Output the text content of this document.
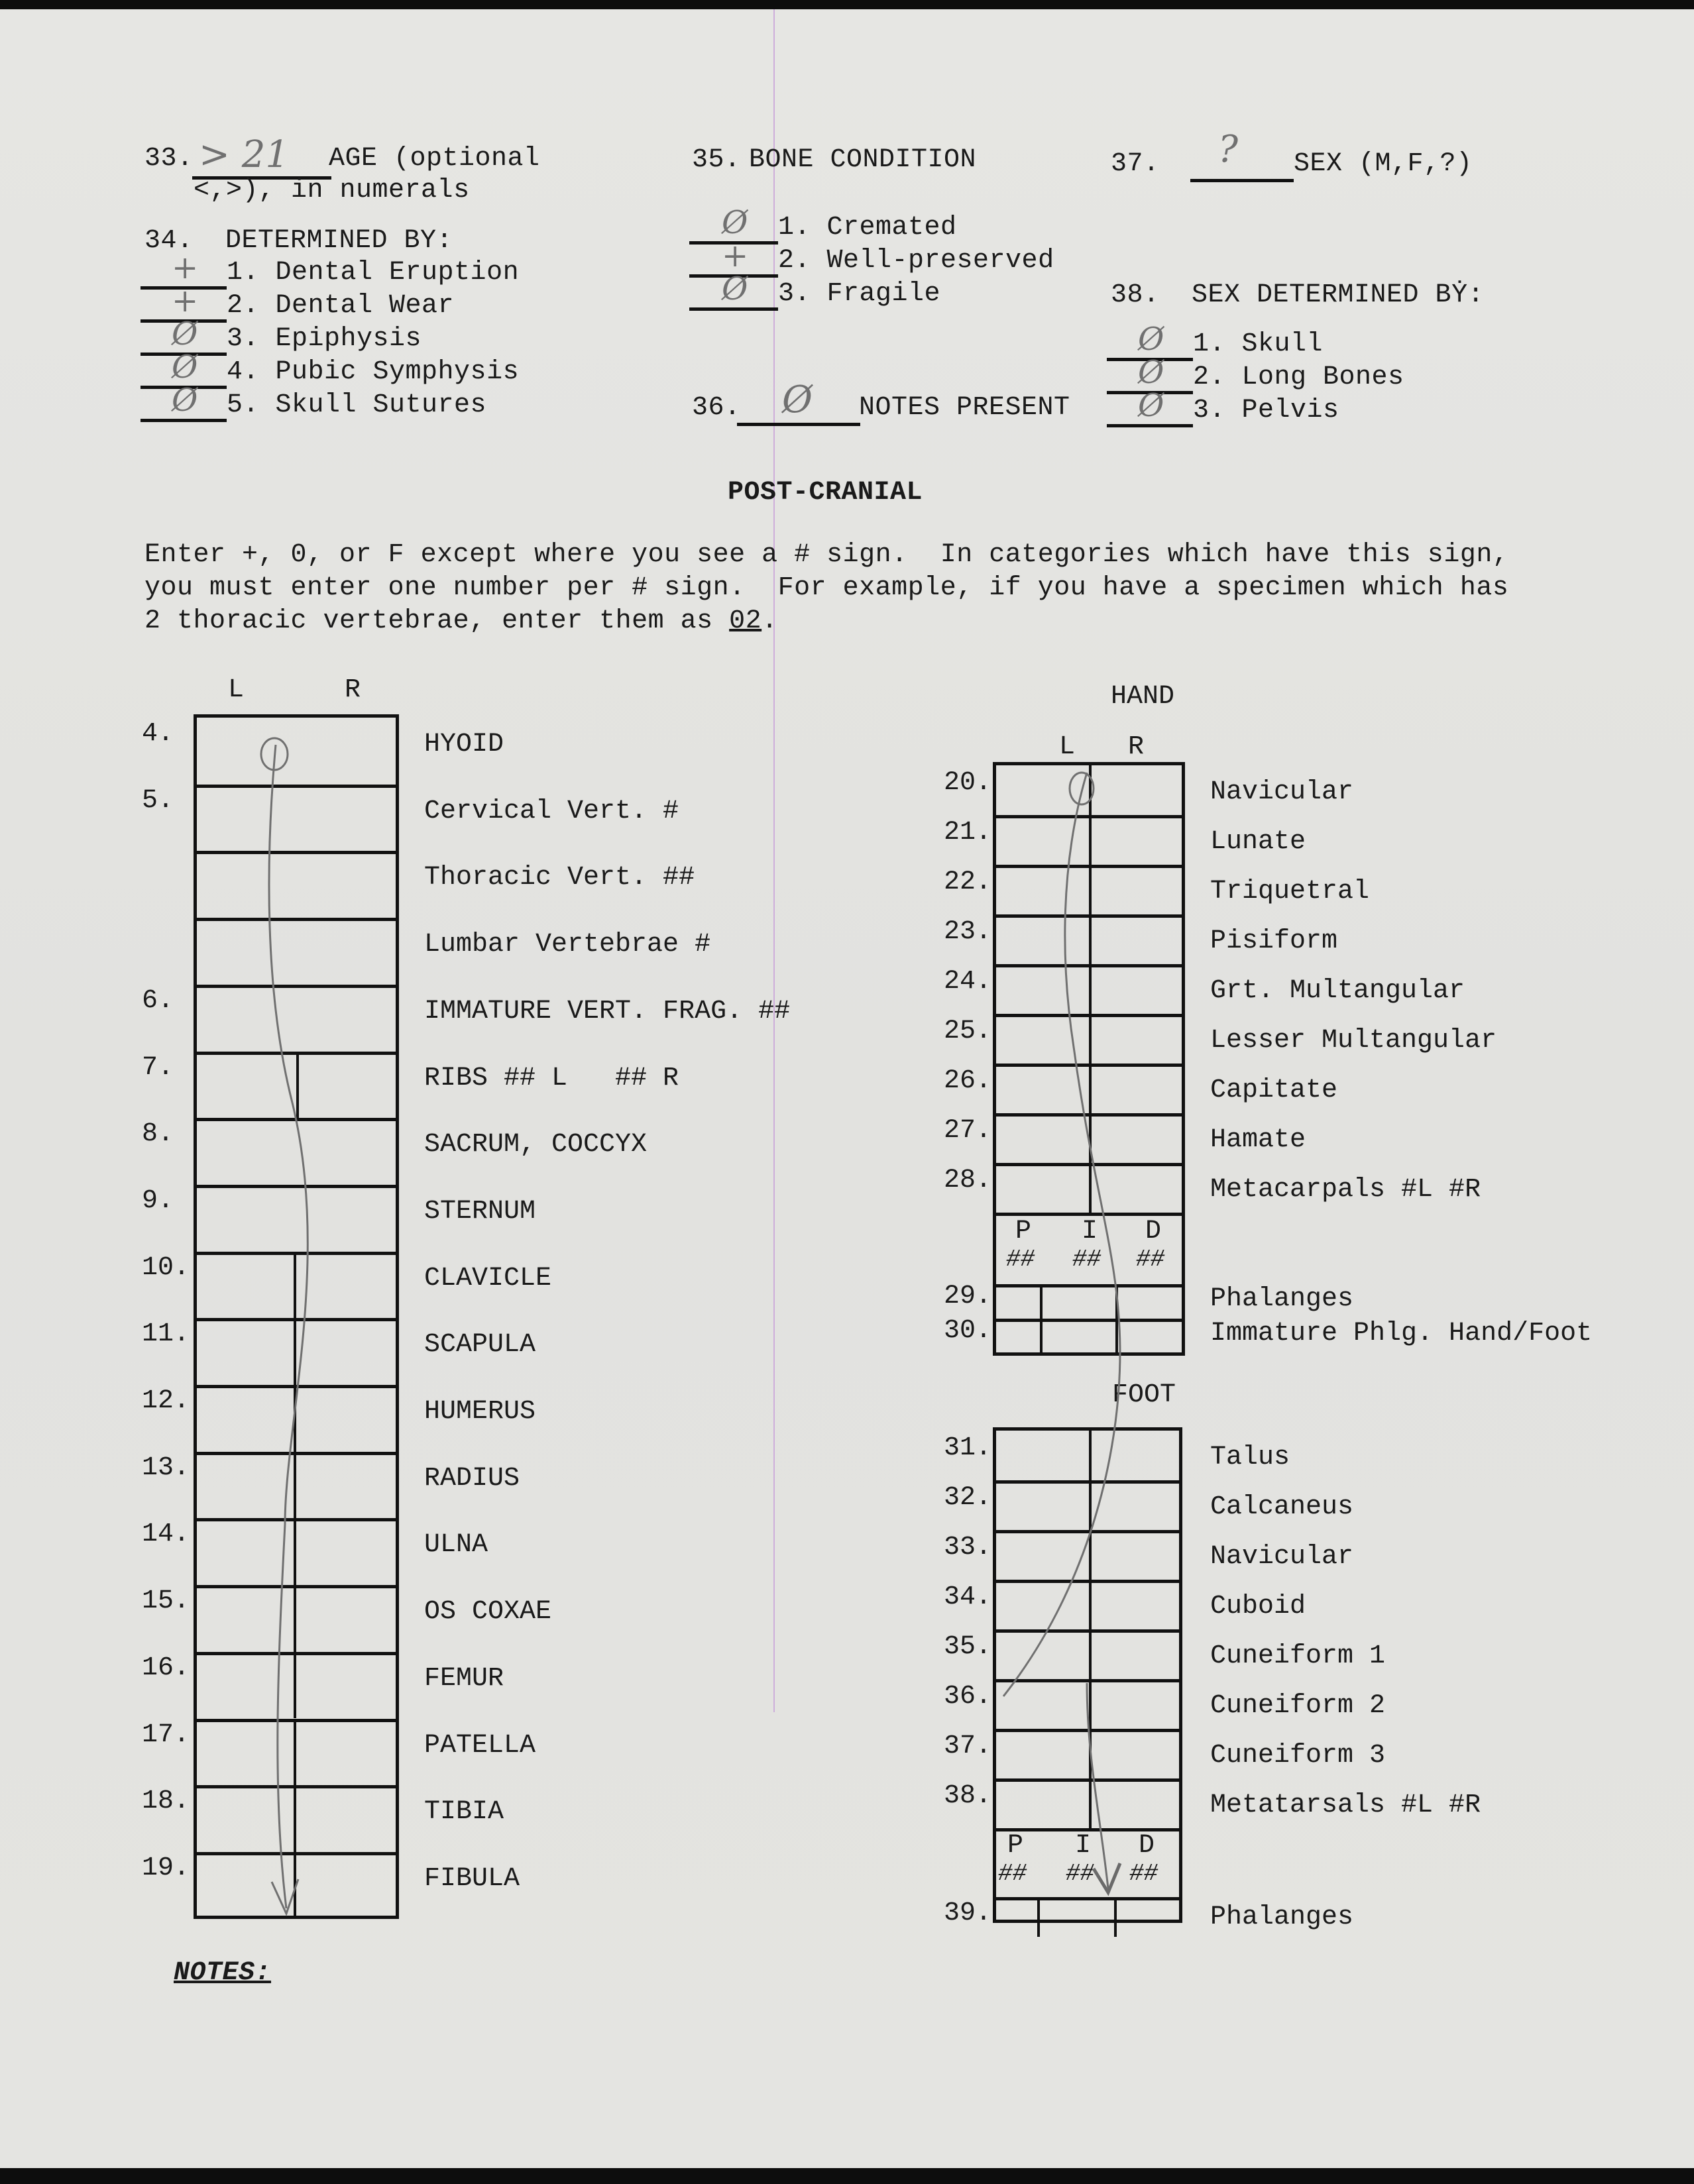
33. > 21 AGE (optional
<,>), in numerals
34. DETERMINED BY:
+ 1. Dental Eruption
+ 2. Dental Wear
Ø 3. Epiphysis
Ø 4. Pubic Symphysis
Ø 5. Skull Sutures
35. BONE CONDITION
Ø 1. Cremated
+ 2. Well-preserved
Ø 3. Fragile
36. Ø NOTES PRESENT
37. ? SEX (M,F,?)
38. SEX DETERMINED BẎ:
Ø 1. Skull
Ø 2. Long Bones
Ø 3. Pelvis
POST-CRANIAL
Enter +, 0, or F except where you see a # sign.  In categories which have this sign,
you must enter one number per # sign.  For example, if you have a specimen which has
2 thoracic vertebrae, enter them as 02.
L	R
4.	HYOID
5.	Cervical Vert. #
Thoracic Vert. ##
Lumbar Vertebrae #
6.	IMMATURE VERT. FRAG. ##
7.	RIBS ## L   ## R
8.	SACRUM, COCCYX
9.	STERNUM
10.	CLAVICLE
11.	SCAPULA
12.	HUMERUS
13.	RADIUS
14.	ULNA
15.	OS COXAE
16.	FEMUR
17.	PATELLA
18.	TIBIA
19.	FIBULA
HAND
L R
20.	Navicular
21.	Lunate
22.	Triquetral
23.	Pisiform
24.	Grt. Multangular
25.	Lesser Multangular
26.	Capitate
27.	Hamate
28.	Metacarpals #L #R
P
##
I
##
D
##
29.	Phalanges
30.	Immature Phlg. Hand/Foot
FOOT
31.	Talus
32.	Calcaneus
33.	Navicular
34.	Cuboid
35.	Cuneiform 1
36.	Cuneiform 2
37.	Cuneiform 3
38.	Metatarsals #L #R
P
##
I
##
D
##
39.	Phalanges
NOTES:
